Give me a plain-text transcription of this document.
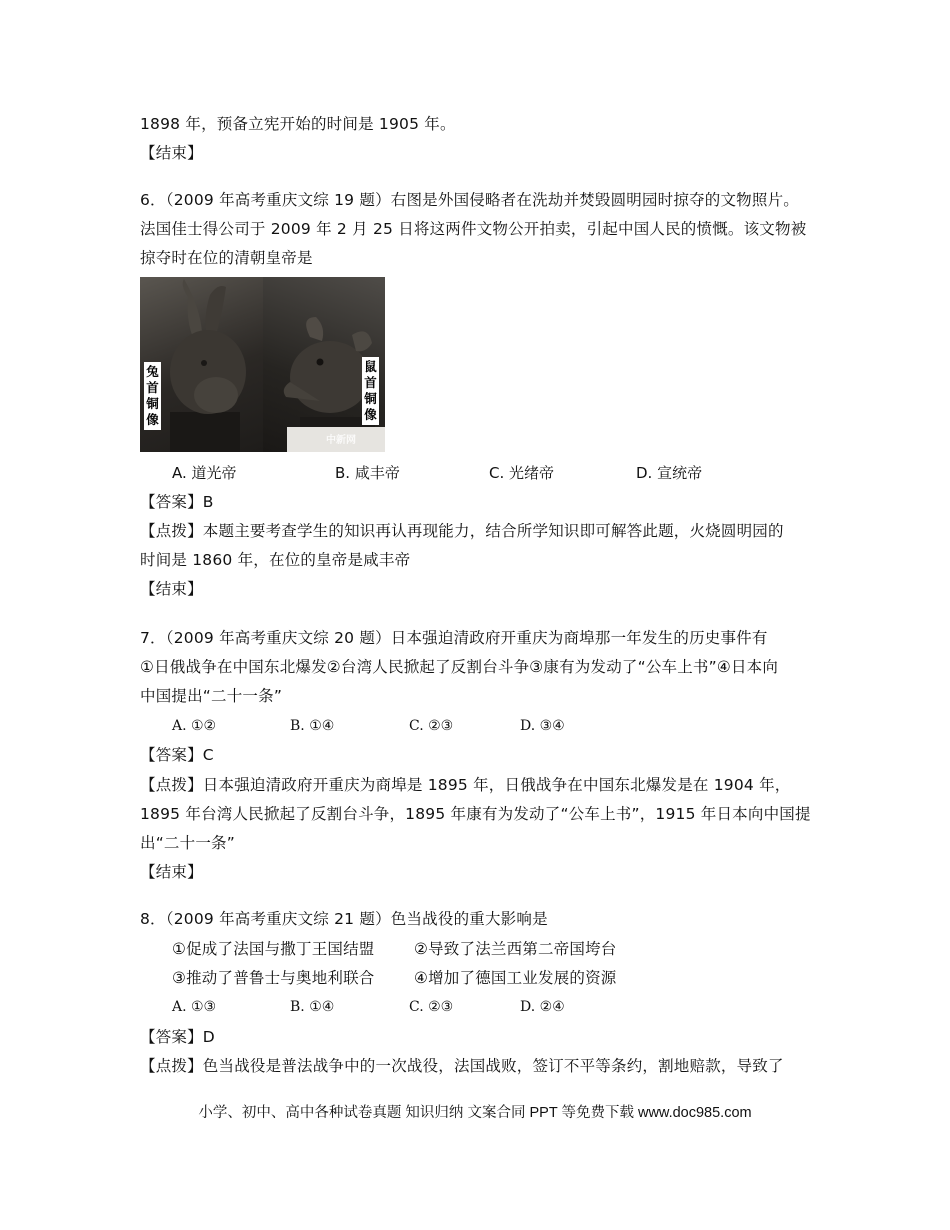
1898 年，预备立宪开始的时间是 1905 年。
【结束】
6．（2009 年高考重庆文综 19 题）右图是外国侵略者在洗劫并焚毁圆明园时掠夺的文物照片。
法国佳士得公司于 2009 年 2 月 25 日将这两件文物公开拍卖，引起中国人民的愤慨。该文物被
掠夺时在位的清朝皇帝是
兔首铜像
鼠首铜像
中新网
A. 道光帝	B. 咸丰帝	C. 光绪帝	D. 宣统帝
【答案】B
【点拨】本题主要考查学生的知识再认再现能力，结合所学知识即可解答此题，火烧圆明园的
时间是 1860 年，在位的皇帝是咸丰帝
【结束】
7．（2009 年高考重庆文综 20 题）日本强迫清政府开重庆为商埠那一年发生的历史事件有
①日俄战争在中国东北爆发②台湾人民掀起了反割台斗争③康有为发动了“公车上书”④日本向
中国提出“二十一条”
A. ①②	B. ①④	C. ②③	D. ③④
【答案】C
【点拨】日本强迫清政府开重庆为商埠是 1895 年，日俄战争在中国东北爆发是在 1904 年，
1895 年台湾人民掀起了反割台斗争，1895 年康有为发动了“公车上书”，1915 年日本向中国提
出“二十一条”
【结束】
8．（2009 年高考重庆文综 21 题）色当战役的重大影响是
①促成了法国与撒丁王国结盟	②导致了法兰西第二帝国垮台
③推动了普鲁士与奥地利联合	④增加了德国工业发展的资源
A. ①③	B. ①④	C. ②③	D. ②④
【答案】D
【点拨】色当战役是普法战争中的一次战役，法国战败，签订不平等条约，割地赔款，导致了
小学、初中、高中各种试卷真题 知识归纳 文案合同 PPT 等免费下载 www.doc985.com
